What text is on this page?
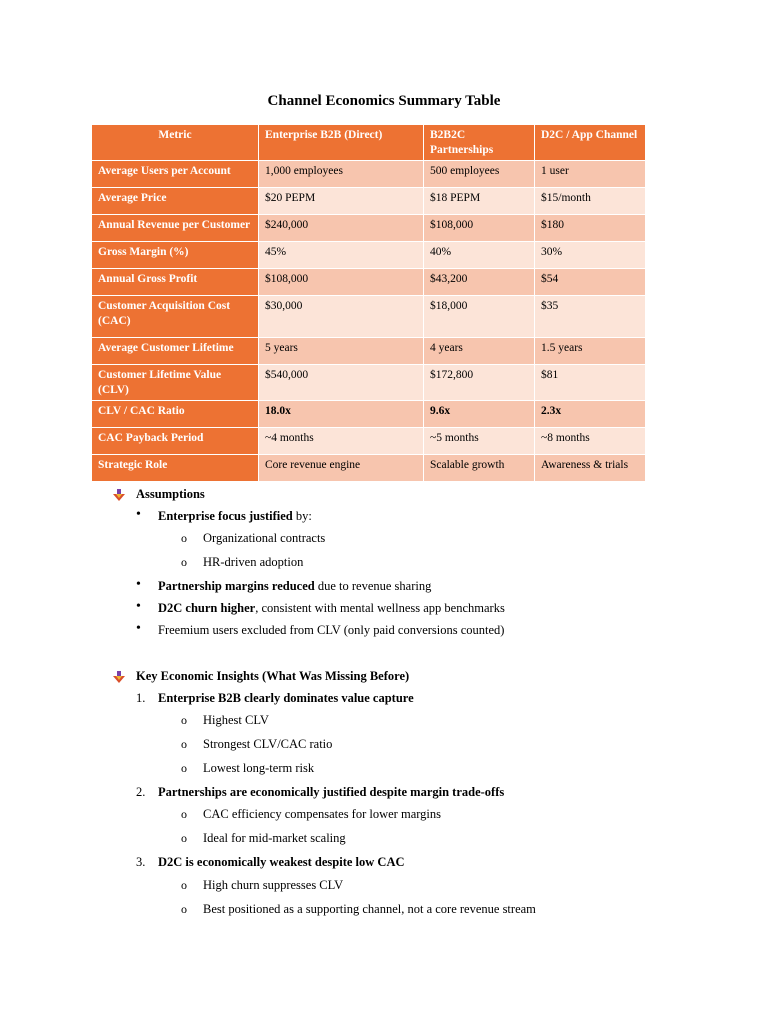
Channel Economics Summary Table
Metric	Enterprise B2B (Direct)	B2B2C Partnerships	D2C / App Channel
Average Users per Account	1,000 employees	500 employees	1 user
Average Price	$20 PEPM	$18 PEPM	$15/month
Annual Revenue per Customer	$240,000	$108,000	$180
Gross Margin (%)	45%	40%	30%
Annual Gross Profit	$108,000	$43,200	$54
Customer Acquisition Cost (CAC)	$30,000	$18,000	$35
Average Customer Lifetime	5 years	4 years	1.5 years
Customer Lifetime Value (CLV)	$540,000	$172,800	$81
CLV / CAC Ratio	18.0x	9.6x	2.3x
CAC Payback Period	~4 months	~5 months	~8 months
Strategic Role	Core revenue engine	Scalable growth	Awareness & trials
Assumptions
• Enterprise focus justified by:
o Organizational contracts
o HR-driven adoption
• Partnership margins reduced due to revenue sharing
• D2C churn higher, consistent with mental wellness app benchmarks
• Freemium users excluded from CLV (only paid conversions counted)
Key Economic Insights (What Was Missing Before)
1. Enterprise B2B clearly dominates value capture
o Highest CLV
o Strongest CLV/CAC ratio
o Lowest long-term risk
2. Partnerships are economically justified despite margin trade-offs
o CAC efficiency compensates for lower margins
o Ideal for mid-market scaling
3. D2C is economically weakest despite low CAC
o High churn suppresses CLV
o Best positioned as a supporting channel, not a core revenue stream
